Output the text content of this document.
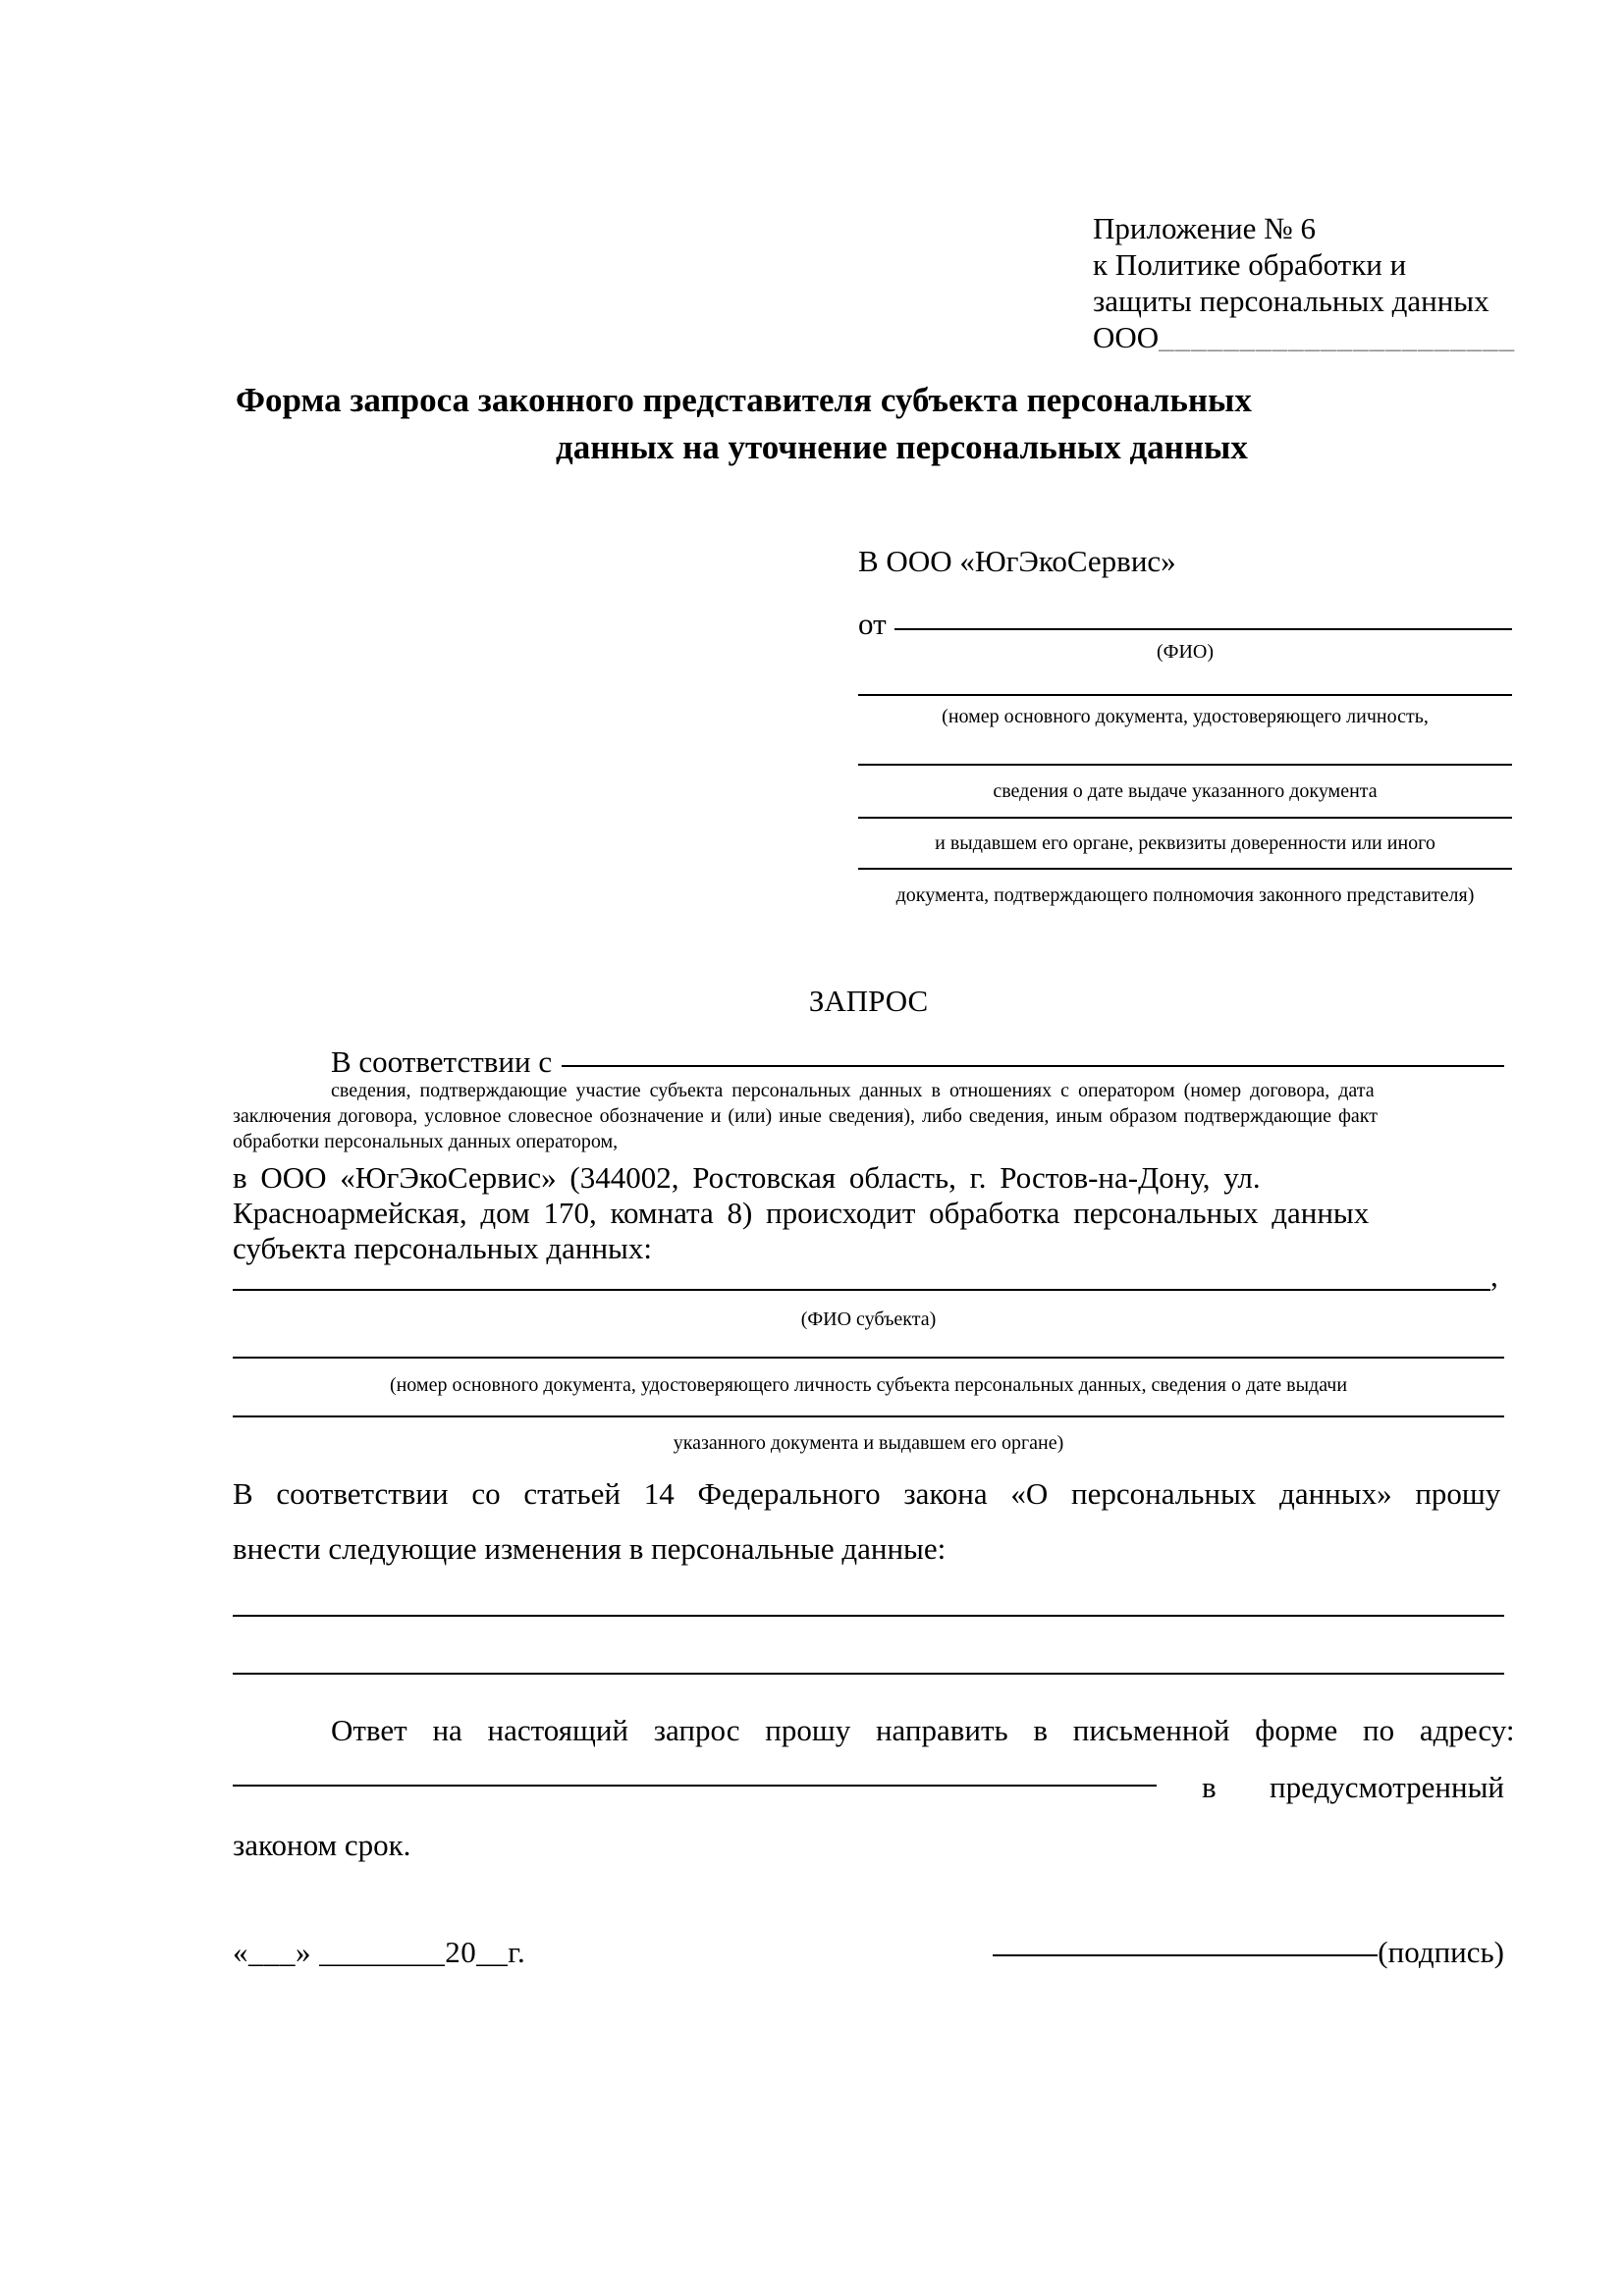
Приложение № 6
к Политике обработки и
защиты персональных данных
ООО______________________
Форма запроса законного представителя субъекта персональных
данных на уточнение персональных данных
В ООО «ЮгЭкоСервис»
от
(ФИО)
(номер основного документа, удостоверяющего личность,
сведения о дате выдаче указанного документа
и выдавшем его органе, реквизиты доверенности или иного
документа, подтверждающего полномочия законного представителя)
ЗАПРОС
В соответствии с
сведения, подтверждающие участие субъекта персональных данных в отношениях с оператором (номер договора, дата
заключения договора, условное словесное обозначение и (или) иные сведения), либо сведения, иным образом подтверждающие факт
обработки персональных данных оператором,
в ООО «ЮгЭкоСервис» (344002, Ростовская область, г. Ростов-на-Дону, ул.
Красноармейская, дом 170, комната 8) происходит обработка персональных данных
субъекта персональных данных:
,
(ФИО субъекта)
(номер основного документа, удостоверяющего личность субъекта персональных данных, сведения о дате выдачи
указанного документа и выдавшем его органе)
В соответствии со статьей 14 Федерального закона «О персональных данных» прошу
внести следующие изменения в персональные данные:
Ответ на настоящий запрос прошу направить в письменной форме по адресу:
в предусмотренный
законом срок.
«___» ________20__г.	(подпись)
